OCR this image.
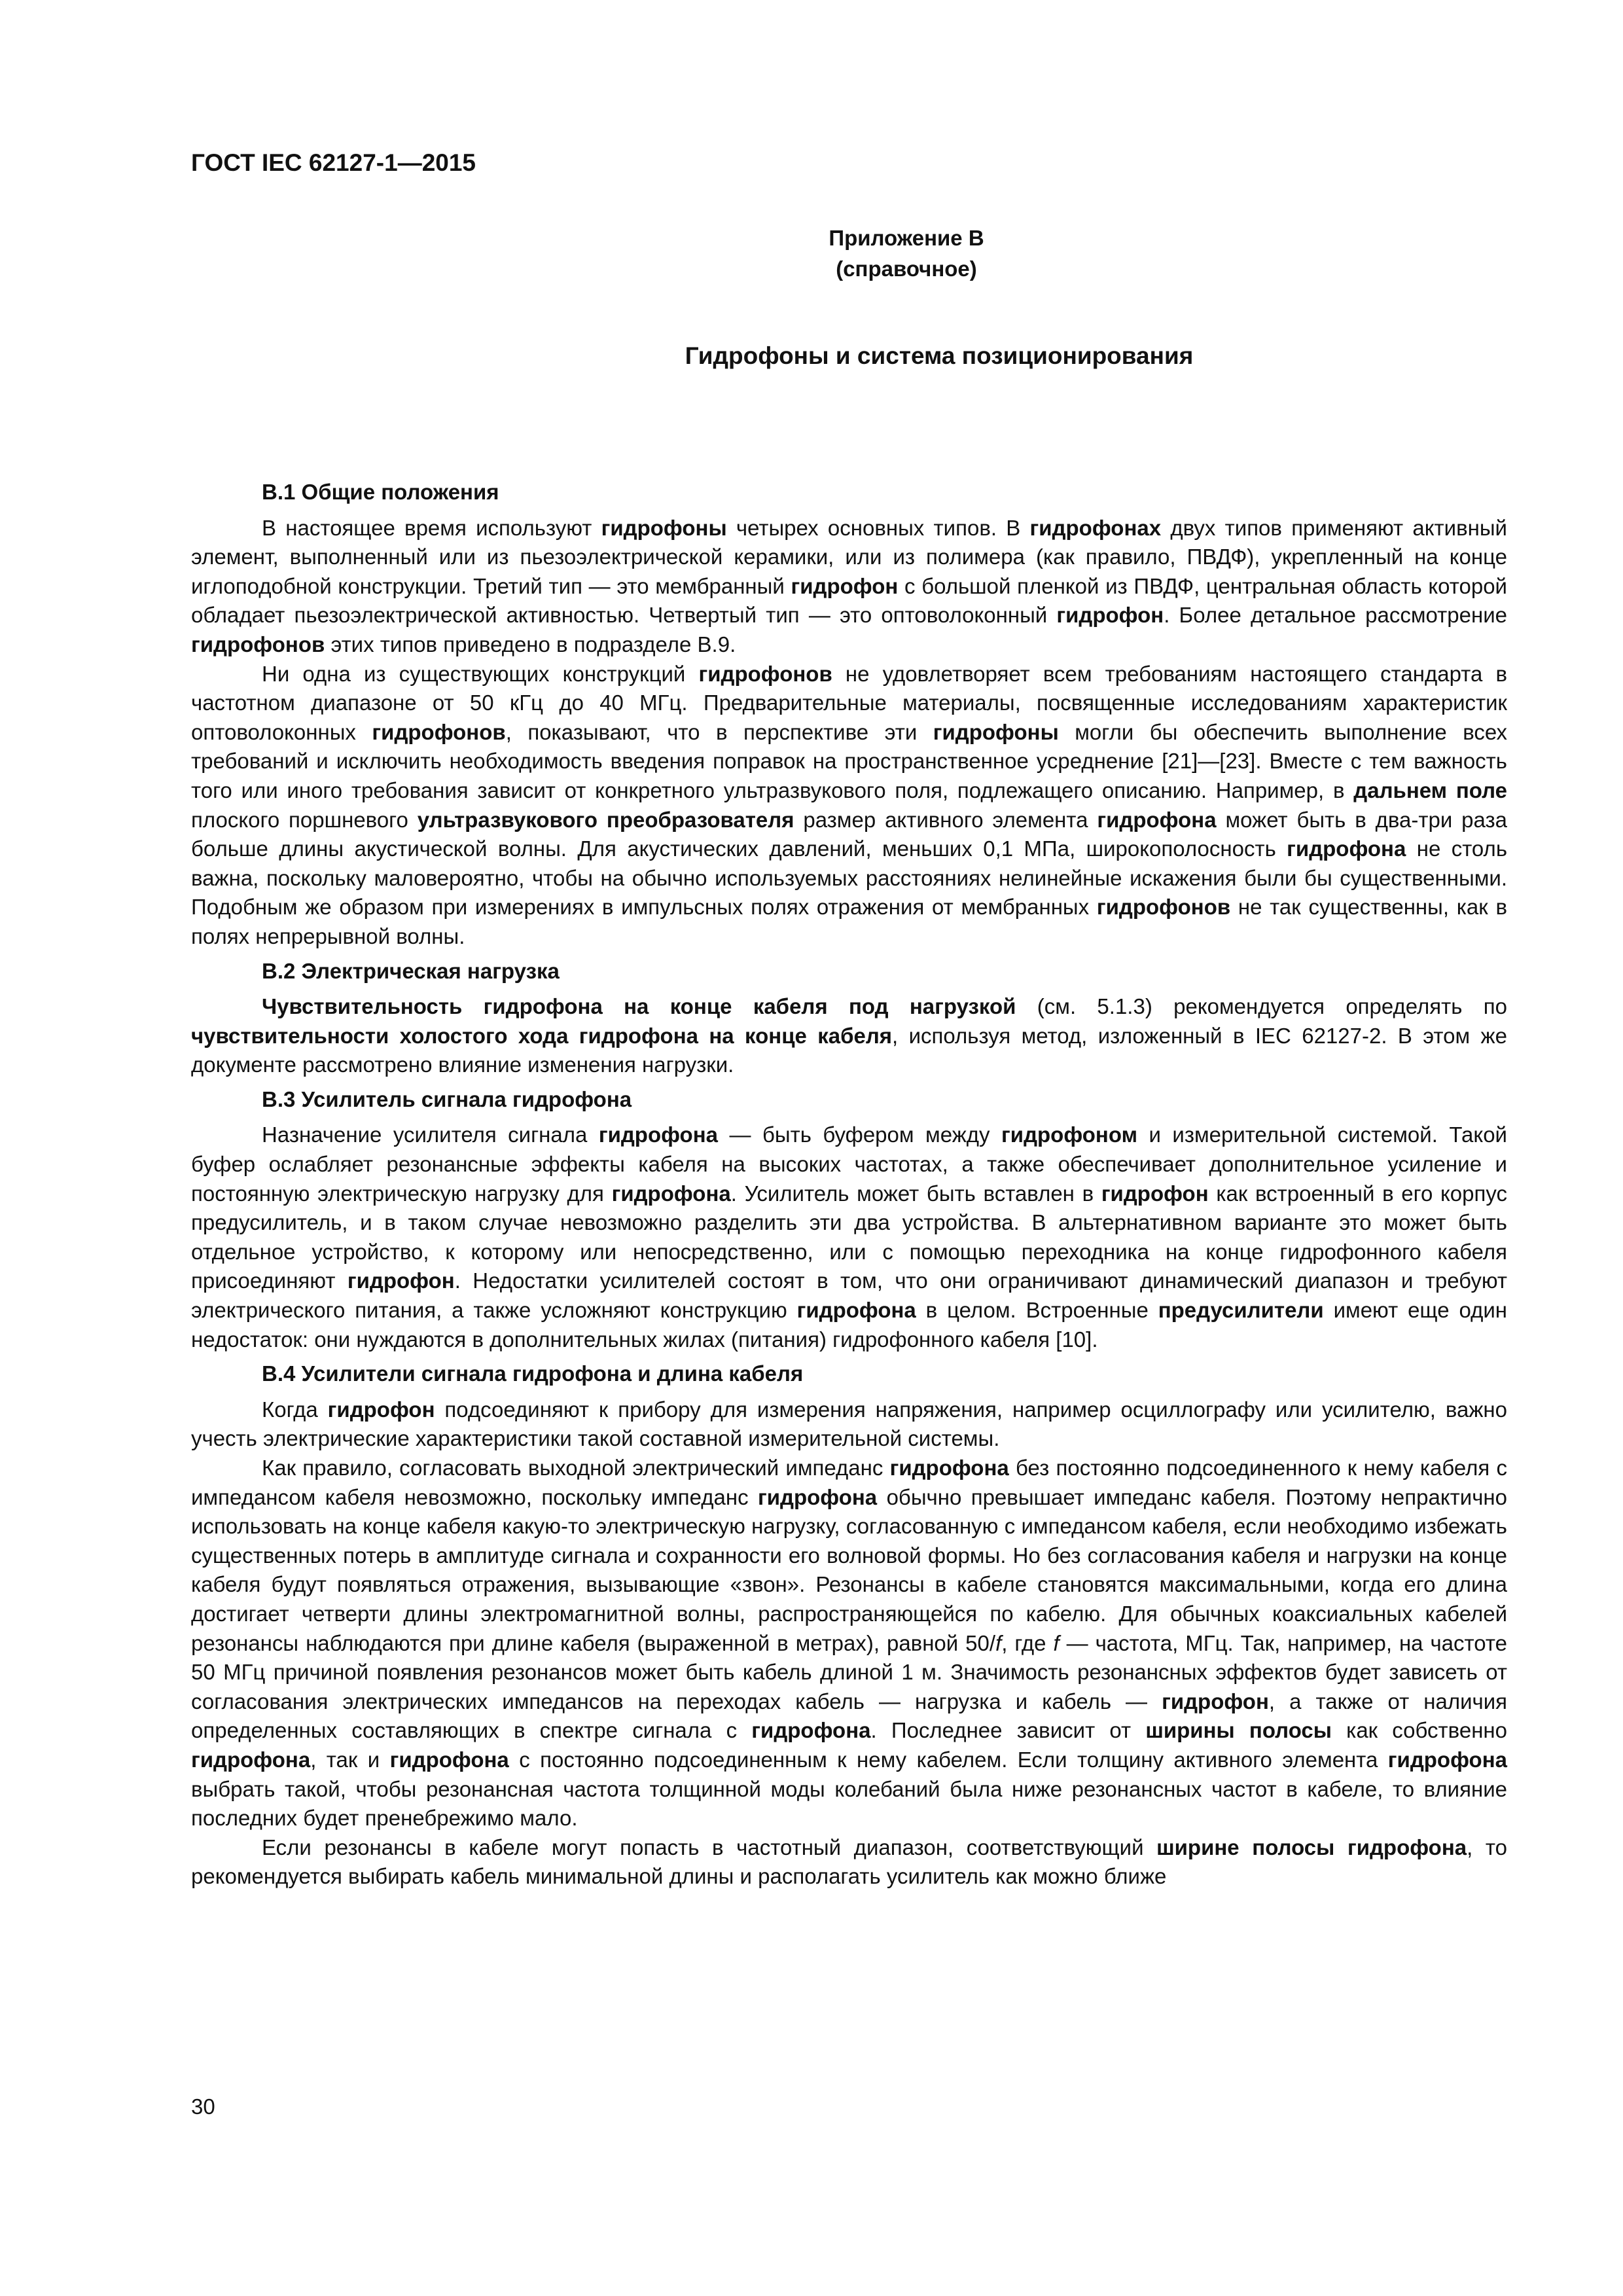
ГОСТ IEC 62127-1—2015
Приложение В
(справочное)
Гидрофоны и система позиционирования
В.1 Общие положения

В настоящее время используют гидрофоны четырех основных типов. В гидрофонах двух типов применяют активный элемент, выполненный или из пьезоэлектрической керамики, или из полимера (как правило, ПВДФ), укрепленный на конце иглоподобной конструкции. Третий тип — это мембранный гидрофон с большой пленкой из ПВДФ, центральная область которой обладает пьезоэлектрической активностью. Четвертый тип — это оптоволоконный гидрофон. Более детальное рассмотрение гидрофонов этих типов приведено в подразделе В.9.

Ни одна из существующих конструкций гидрофонов не удовлетворяет всем требованиям настоящего стандарта в частотном диапазоне от 50 кГц до 40 МГц. Предварительные материалы, посвященные исследованиям характеристик оптоволоконных гидрофонов, показывают, что в перспективе эти гидрофоны могли бы обеспечить выполнение всех требований и исключить необходимость введения поправок на пространственное усреднение [21]—[23]. Вместе с тем важность того или иного требования зависит от конкретного ультразвукового поля, подлежащего описанию. Например, в дальнем поле плоского поршневого ультразвукового преобразователя размер активного элемента гидрофона может быть в два-три раза больше длины акустической волны. Для акустических давлений, меньших 0,1 МПа, широкополосность гидрофона не столь важна, поскольку маловероятно, чтобы на обычно используемых расстояниях нелинейные искажения были бы существенными. Подобным же образом при измерениях в импульсных полях отражения от мембранных гидрофонов не так существенны, как в полях непрерывной волны.

В.2 Электрическая нагрузка

Чувствительность гидрофона на конце кабеля под нагрузкой (см. 5.1.3) рекомендуется определять по чувствительности холостого хода гидрофона на конце кабеля, используя метод, изложенный в IEC 62127-2. В этом же документе рассмотрено влияние изменения нагрузки.

В.3 Усилитель сигнала гидрофона

Назначение усилителя сигнала гидрофона — быть буфером между гидрофоном и измерительной системой. Такой буфер ослабляет резонансные эффекты кабеля на высоких частотах, а также обеспечивает дополнительное усиление и постоянную электрическую нагрузку для гидрофона. Усилитель может быть вставлен в гидрофон как встроенный в его корпус предусилитель, и в таком случае невозможно разделить эти два устройства. В альтернативном варианте это может быть отдельное устройство, к которому или непосредственно, или с помощью переходника на конце гидрофонного кабеля присоединяют гидрофон. Недостатки усилителей состоят в том, что они ограничивают динамический диапазон и требуют электрического питания, а также усложняют конструкцию гидрофона в целом. Встроенные предусилители имеют еще один недостаток: они нуждаются в дополнительных жилах (питания) гидрофонного кабеля [10].

В.4 Усилители сигнала гидрофона и длина кабеля

Когда гидрофон подсоединяют к прибору для измерения напряжения, например осциллографу или усилителю, важно учесть электрические характеристики такой составной измерительной системы.

Как правило, согласовать выходной электрический импеданс гидрофона без постоянно подсоединенного к нему кабеля с импедансом кабеля невозможно, поскольку импеданс гидрофона обычно превышает импеданс кабеля. Поэтому непрактично использовать на конце кабеля какую-то электрическую нагрузку, согласованную с импедансом кабеля, если необходимо избежать существенных потерь в амплитуде сигнала и сохранности его волновой формы. Но без согласования кабеля и нагрузки на конце кабеля будут появляться отражения, вызывающие «звон». Резонансы в кабеле становятся максимальными, когда его длина достигает четверти длины электромагнитной волны, распространяющейся по кабелю. Для обычных коаксиальных кабелей резонансы наблюдаются при длине кабеля (выраженной в метрах), равной 50/f, где f — частота, МГц. Так, например, на частоте 50 МГц причиной появления резонансов может быть кабель длиной 1 м. Значимость резонансных эффектов будет зависеть от согласования электрических импедансов на переходах кабель — нагрузка и кабель — гидрофон, а также от наличия определенных составляющих в спектре сигнала с гидрофона. Последнее зависит от ширины полосы как собственно гидрофона, так и гидрофона с постоянно подсоединенным к нему кабелем. Если толщину активного элемента гидрофона выбрать такой, чтобы резонансная частота толщинной моды колебаний была ниже резонансных частот в кабеле, то влияние последних будет пренебрежимо мало.

Если резонансы в кабеле могут попасть в частотный диапазон, соответствующий ширине полосы гидрофона, то рекомендуется выбирать кабель минимальной длины и располагать усилитель как можно ближе

30
